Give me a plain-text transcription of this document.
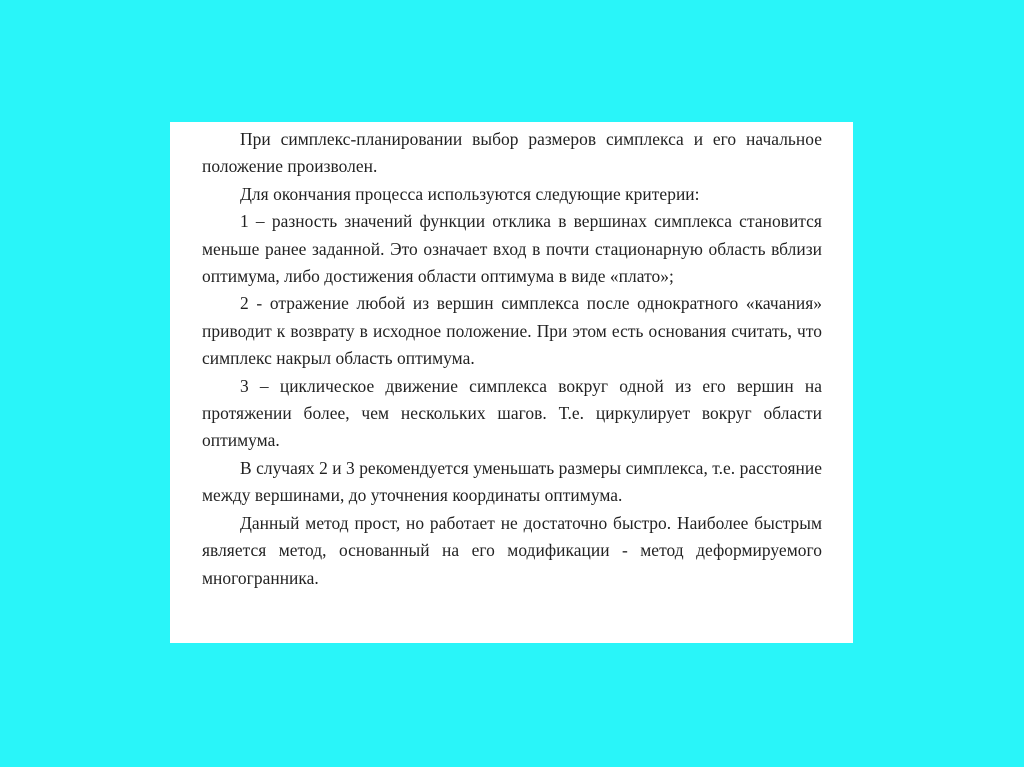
При симплекс-планировании выбор размеров симплекса и его начальное положение произволен.

Для окончания процесса используются следующие критерии:

1 – разность значений функции отклика в вершинах симплекса становится меньше ранее заданной. Это означает вход в почти стационарную область вблизи оптимума, либо достижения области оптимума в виде «плато»;

2 - отражение любой из вершин симплекса после однократного «качания» приводит к возврату в исходное положение. При этом есть основания считать, что симплекс накрыл область оптимума.

3 – циклическое движение симплекса вокруг одной из его вершин на протяжении более, чем нескольких шагов. Т.е. циркулирует вокруг области оптимума.

В случаях 2 и 3 рекомендуется уменьшать размеры симплекса, т.е. расстояние между вершинами, до уточнения координаты оптимума.

Данный метод прост, но работает не достаточно быстро. Наиболее быстрым является метод, основанный на его модификации - метод деформируемого многогранника.
